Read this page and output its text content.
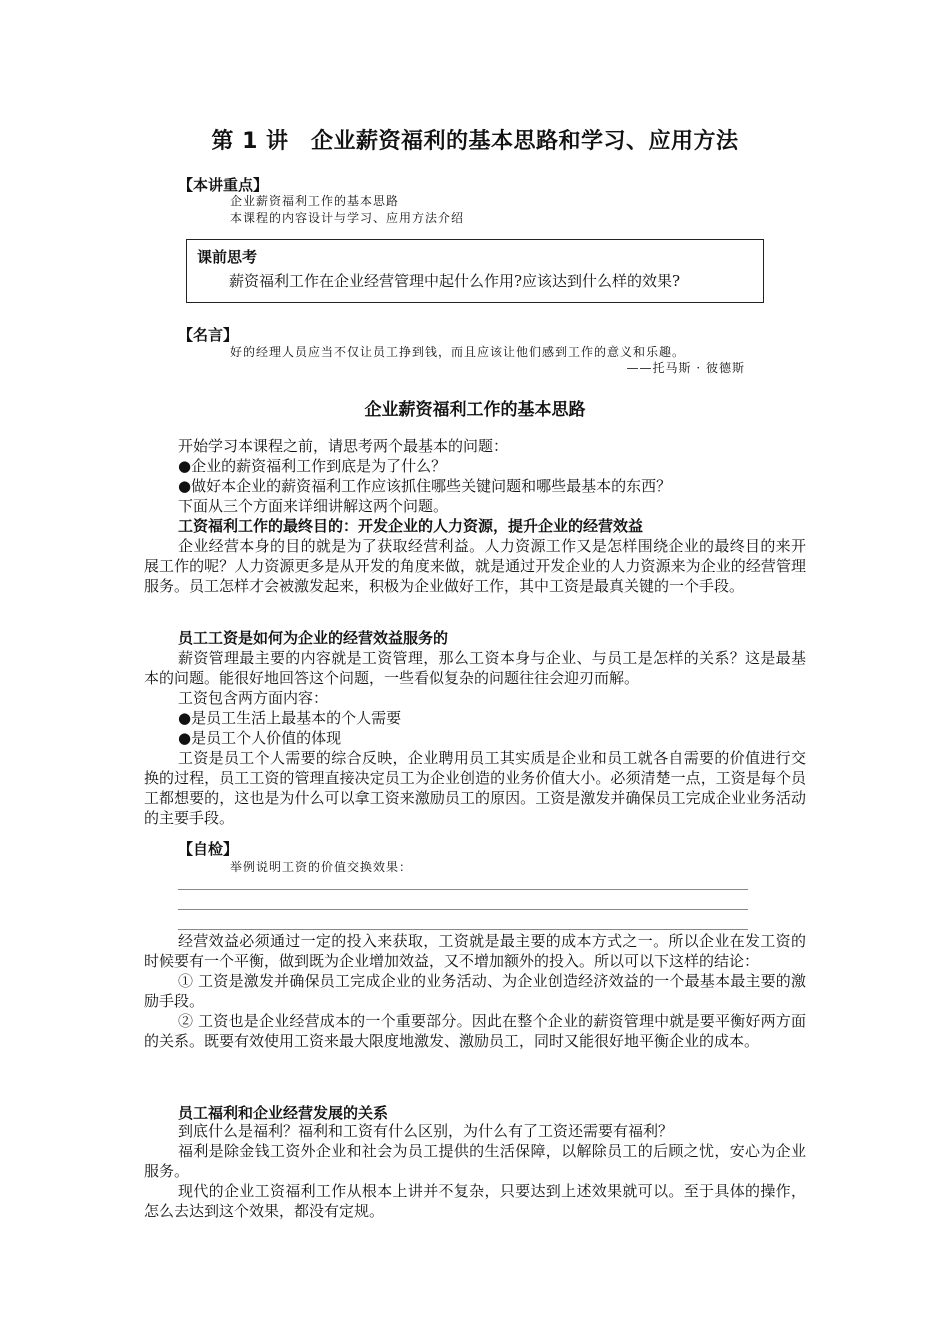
第 1 讲　企业薪资福利的基本思路和学习、应用方法
【本讲重点】
企业薪资福利工作的基本思路
本课程的内容设计与学习、应用方法介绍
课前思考
薪资福利工作在企业经营管理中起什么作用?应该达到什么样的效果?
【名言】
好的经理人员应当不仅让员工挣到钱，而且应该让他们感到工作的意义和乐趣。
——托马斯 · 彼德斯
企业薪资福利工作的基本思路

开始学习本课程之前，请思考两个最基本的问题：

●企业的薪资福利工作到底是为了什么？

●做好本企业的薪资福利工作应该抓住哪些关键问题和哪些最基本的东西？

下面从三个方面来详细讲解这两个问题。

工资福利工作的最终目的：开发企业的人力资源，提升企业的经营效益

企业经营本身的目的就是为了获取经营利益。人力资源工作又是怎样围绕企业的最终目的来开展工作的呢？人力资源更多是从开发的角度来做，就是通过开发企业的人力资源来为企业的经营管理服务。员工怎样才会被激发起来，积极为企业做好工作，其中工资是最真关键的一个手段。

员工工资是如何为企业的经营效益服务的

薪资管理最主要的内容就是工资管理，那么工资本身与企业、与员工是怎样的关系？这是最基本的问题。能很好地回答这个问题，一些看似复杂的问题往往会迎刃而解。

工资包含两方面内容：

●是员工生活上最基本的个人需要

●是员工个人价值的体现

工资是员工个人需要的综合反映，企业聘用员工其实质是企业和员工就各自需要的价值进行交换的过程，员工工资的管理直接决定员工为企业创造的业务价值大小。必须清楚一点，工资是每个员工都想要的，这也是为什么可以拿工资来激励员工的原因。工资是激发并确保员工完成企业业务活动的主要手段。

【自检】
举例说明工资的价值交换效果：

经营效益必须通过一定的投入来获取，工资就是最主要的成本方式之一。所以企业在发工资的时候要有一个平衡，做到既为企业增加效益，又不增加额外的投入。所以可以下这样的结论：

① 工资是激发并确保员工完成企业的业务活动、为企业创造经济效益的一个最基本最主要的激励手段。

② 工资也是企业经营成本的一个重要部分。因此在整个企业的薪资管理中就是要平衡好两方面的关系。既要有效使用工资来最大限度地激发、激励员工，同时又能很好地平衡企业的成本。

员工福利和企业经营发展的关系

到底什么是福利？福利和工资有什么区别，为什么有了工资还需要有福利？

福利是除金钱工资外企业和社会为员工提供的生活保障，以解除员工的后顾之忧，安心为企业服务。

现代的企业工资福利工作从根本上讲并不复杂，只要达到上述效果就可以。至于具体的操作，怎么去达到这个效果，都没有定规。
